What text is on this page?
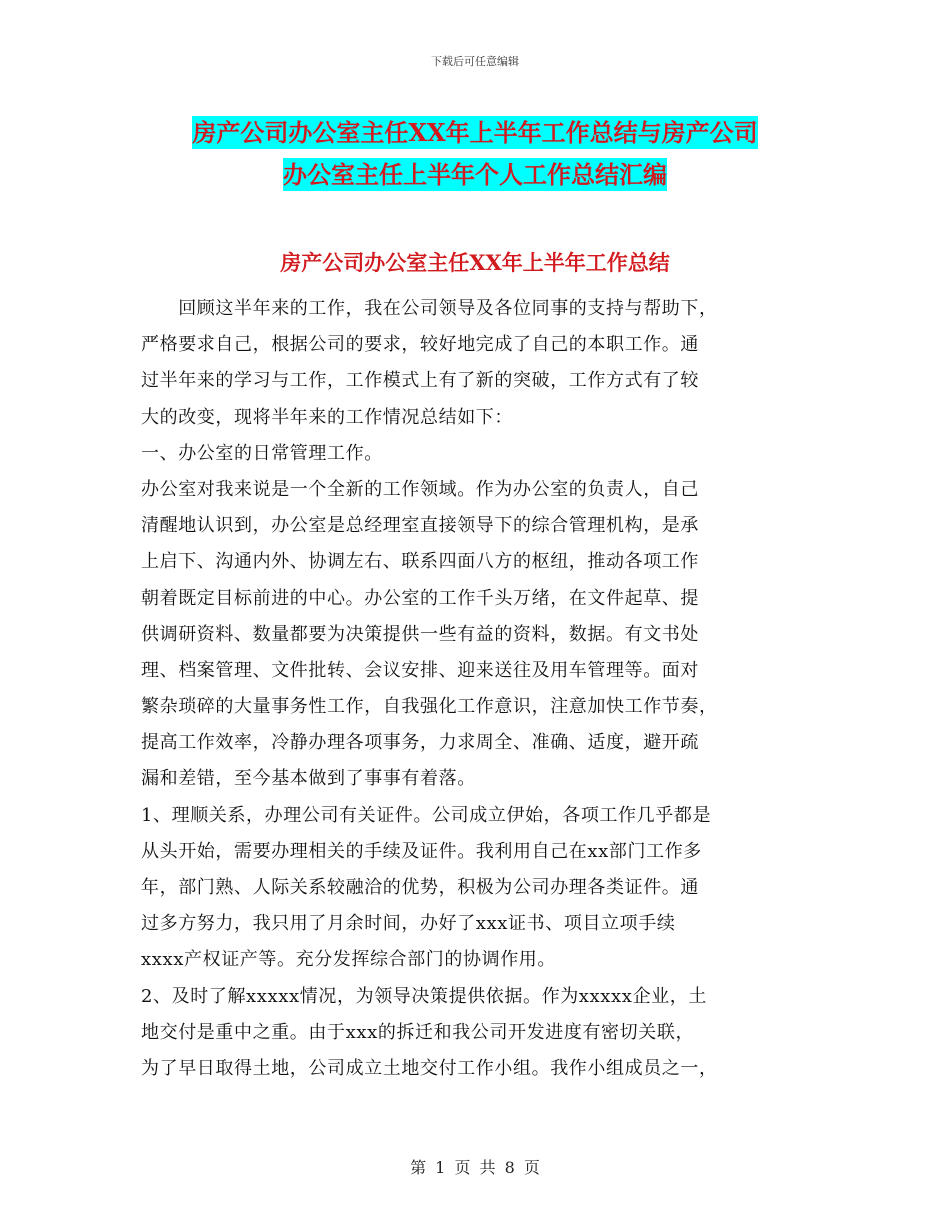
下载后可任意编辑
房产公司办公室主任XX年上半年工作总结与房产公司
办公室主任上半年个人工作总结汇编
房产公司办公室主任XX年上半年工作总结
　　回顾这半年来的工作，我在公司领导及各位同事的支持与帮助下，
严格要求自己，根据公司的要求，较好地完成了自己的本职工作。通
过半年来的学习与工作，工作模式上有了新的突破，工作方式有了较
大的改变，现将半年来的工作情况总结如下：
一、办公室的日常管理工作。
办公室对我来说是一个全新的工作领域。作为办公室的负责人，自己
清醒地认识到，办公室是总经理室直接领导下的综合管理机构，是承
上启下、沟通内外、协调左右、联系四面八方的枢纽，推动各项工作
朝着既定目标前进的中心。办公室的工作千头万绪，在文件起草、提
供调研资料、数量都要为决策提供一些有益的资料，数据。有文书处
理、档案管理、文件批转、会议安排、迎来送往及用车管理等。面对
繁杂琐碎的大量事务性工作，自我强化工作意识，注意加快工作节奏，
提高工作效率，冷静办理各项事务，力求周全、准确、适度，避开疏
漏和差错，至今基本做到了事事有着落。
1、理顺关系，办理公司有关证件。公司成立伊始，各项工作几乎都是
从头开始，需要办理相关的手续及证件。我利用自己在xx部门工作多
年，部门熟、人际关系较融洽的优势，积极为公司办理各类证件。通
过多方努力，我只用了月余时间，办好了xxx证书、项目立项手续
xxxx产权证产等。充分发挥综合部门的协调作用。
2、及时了解xxxxx情况，为领导决策提供依据。作为xxxxx企业，土
地交付是重中之重。由于xxx的拆迁和我公司开发进度有密切关联，
为了早日取得土地，公司成立土地交付工作小组。我作小组成员之一，
第 1 页 共 8 页
